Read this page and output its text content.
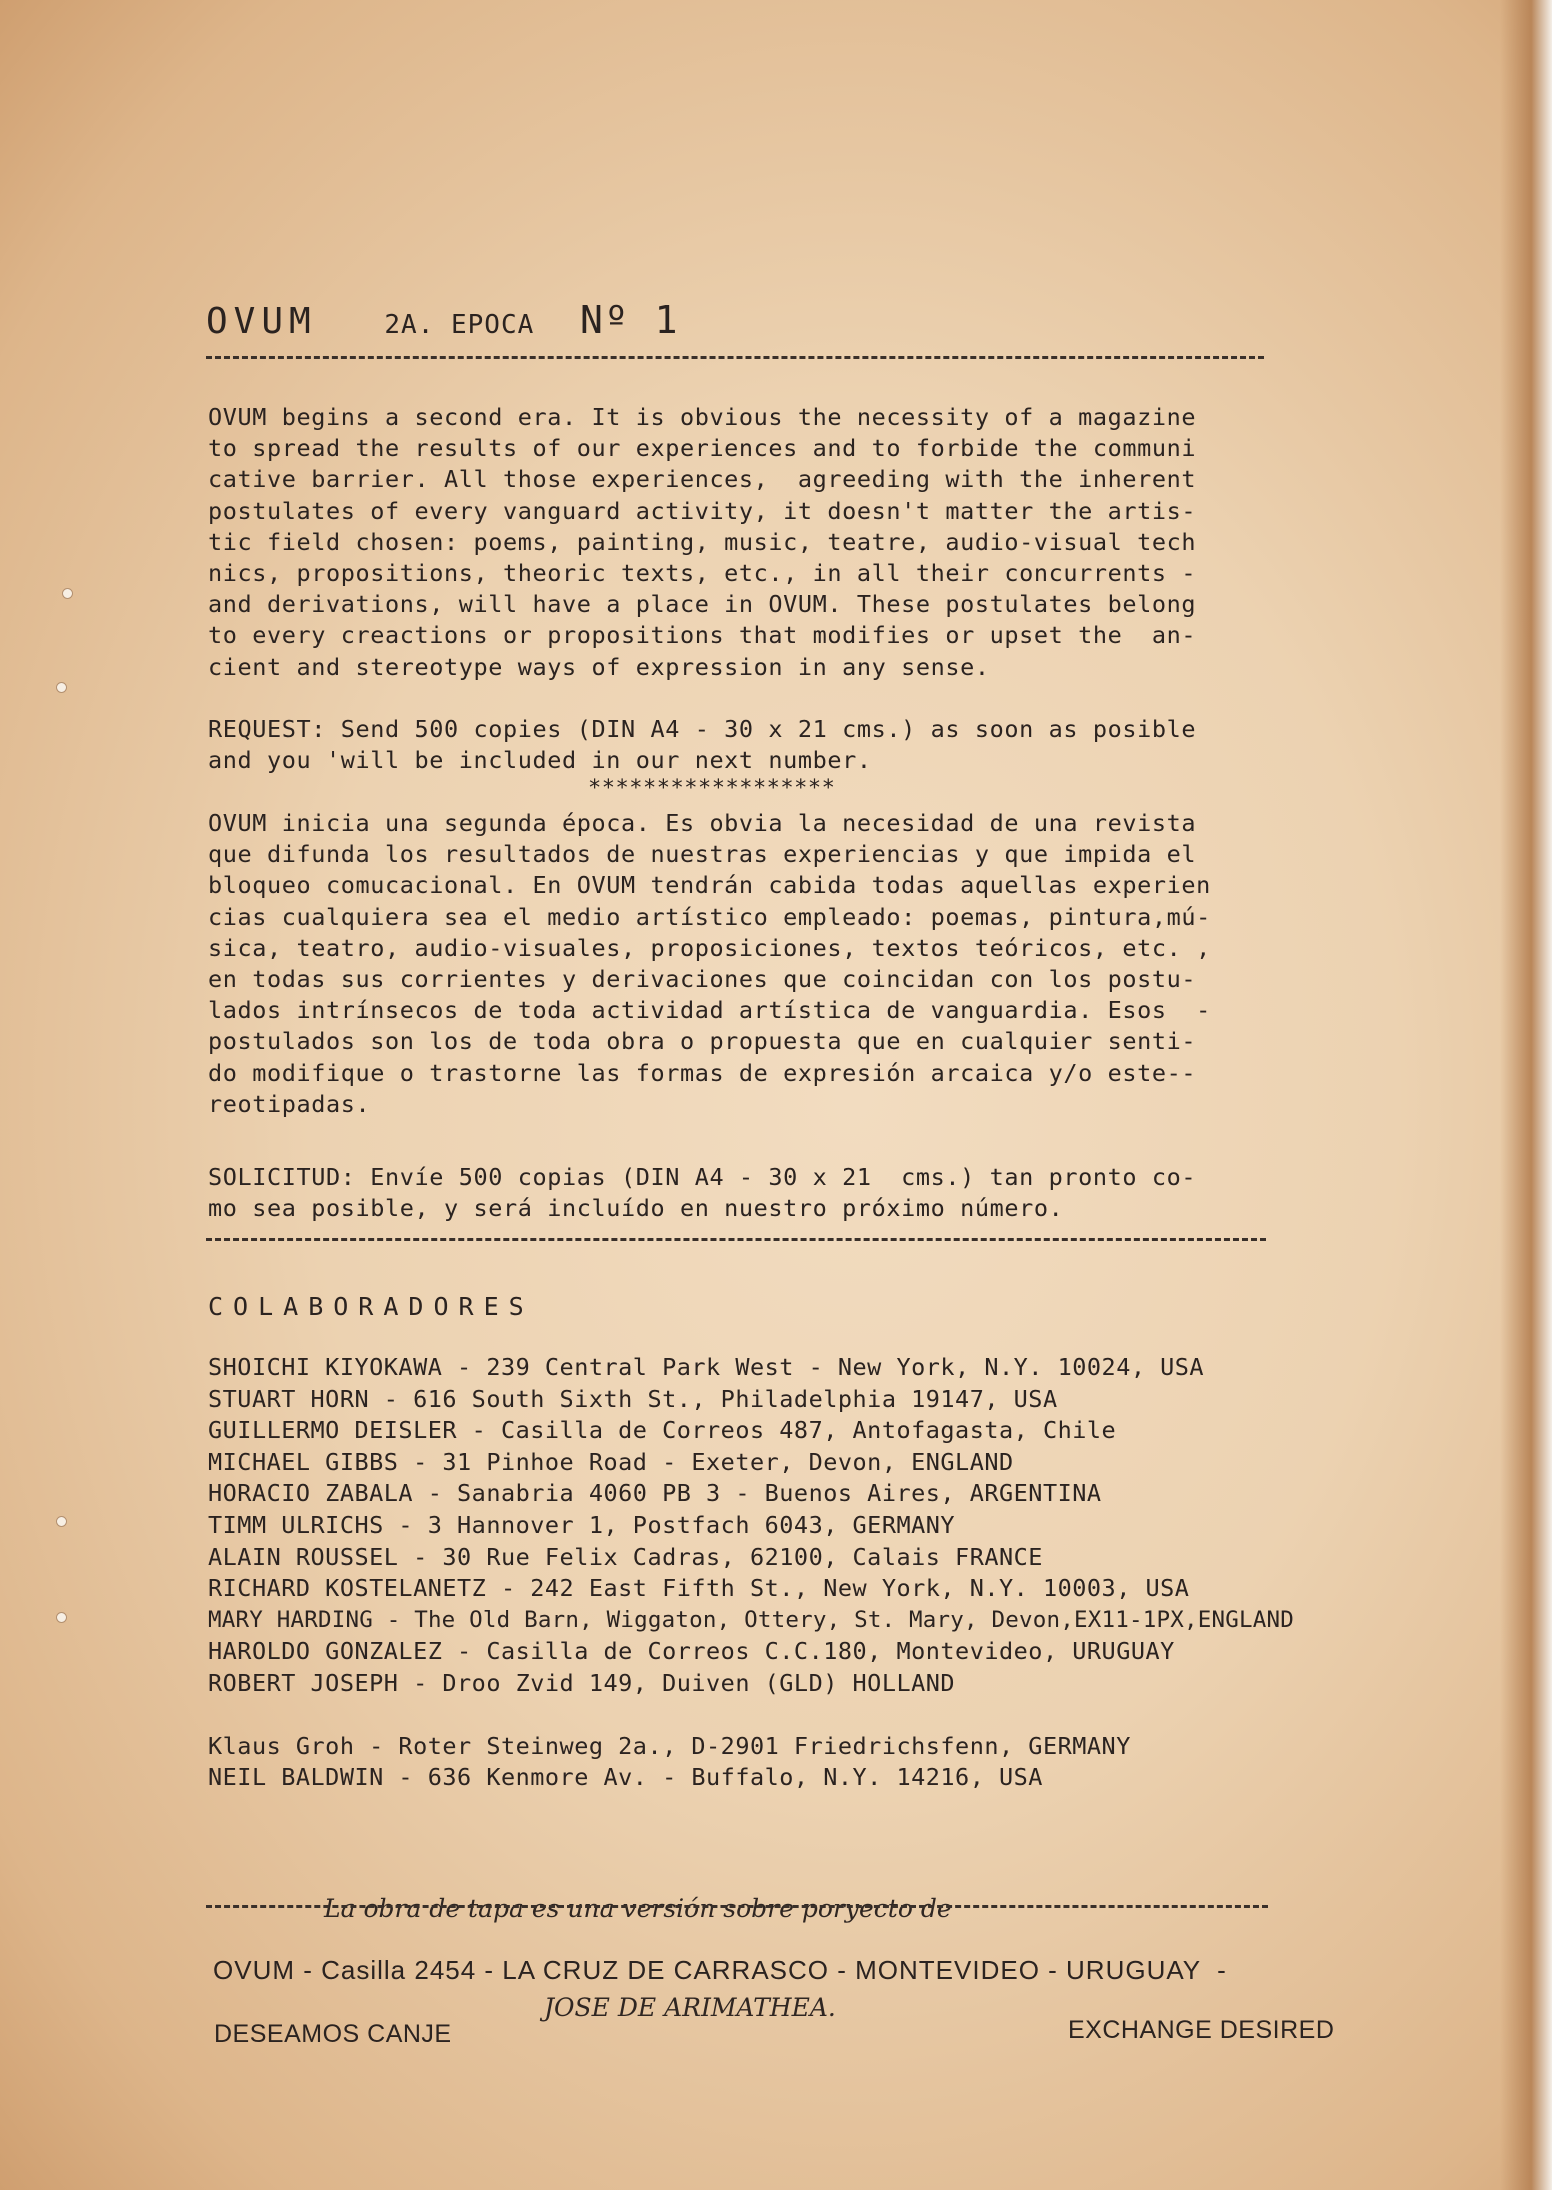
OVUM	2A. EPOCA Nº 1

OVUM begins a second era. It is obvious the necessity of a magazine

to spread the results of our experiences and to forbide the communi

cative barrier. All those experiences,  agreeding with the inherent

postulates of every vanguard activity, it doesn't matter the artis-

tic field chosen: poems, painting, music, teatre, audio-visual tech

nics, propositions, theoric texts, etc., in all their concurrents -

and derivations, will have a place in OVUM. These postulates belong

to every creactions or propositions that modifies or upset the  an-

cient and stereotype ways of expression in any sense.

REQUEST: Send 500 copies (DIN A4 - 30 x 21 cms.) as soon as posible

and you 'will be included in our next number.

******************

OVUM inicia una segunda época. Es obvia la necesidad de una revista

que difunda los resultados de nuestras experiencias y que impida el

bloqueo comucacional. En OVUM tendrán cabida todas aquellas experien

cias cualquiera sea el medio artístico empleado: poemas, pintura,mú-

sica, teatro, audio-visuales, proposiciones, textos teóricos, etc. ,

en todas sus corrientes y derivaciones que coincidan con los postu-

lados intrínsecos de toda actividad artística de vanguardia. Esos  -

postulados son los de toda obra o propuesta que en cualquier senti-

do modifique o trastorne las formas de expresión arcaica y/o este--

reotipadas.

SOLICITUD: Envíe 500 copias (DIN A4 - 30 x 21  cms.) tan pronto co-

mo sea posible, y será incluído en nuestro próximo número.

COLABORADORES
SHOICHI KIYOKAWA - 239 Central Park West - New York, N.Y. 10024, USA
STUART HORN - 616 South Sixth St., Philadelphia 19147, USA
GUILLERMO DEISLER - Casilla de Correos 487, Antofagasta, Chile
MICHAEL GIBBS - 31 Pinhoe Road - Exeter, Devon, ENGLAND
HORACIO ZABALA - Sanabria 4060 PB 3 - Buenos Aires, ARGENTINA
TIMM ULRICHS - 3 Hannover 1, Postfach 6043, GERMANY
ALAIN ROUSSEL - 30 Rue Felix Cadras, 62100, Calais FRANCE
RICHARD KOSTELANETZ - 242 East Fifth St., New York, N.Y. 10003, USA
MARY HARDING - The Old Barn, Wiggaton, Ottery, St. Mary, Devon,EX11-1PX,ENGLAND
HAROLDO GONZALEZ - Casilla de Correos C.C.180, Montevideo, URUGUAY
ROBERT JOSEPH - Droo Zvid 149, Duiven (GLD) HOLLAND
Klaus Groh - Roter Steinweg 2a., D-2901 Friedrichsfenn, GERMANY
NEIL BALDWIN - 636 Kenmore Av. - Buffalo, N.Y. 14216, USA

La obra de tapa es una versión sobre poryecto de

JOSE DE ARIMATHEA.

OVUM - Casilla 2454 - LA CRUZ DE CARRASCO - MONTEVIDEO - URUGUAY  -
DESEAMOS CANJE	EXCHANGE DESIRED
